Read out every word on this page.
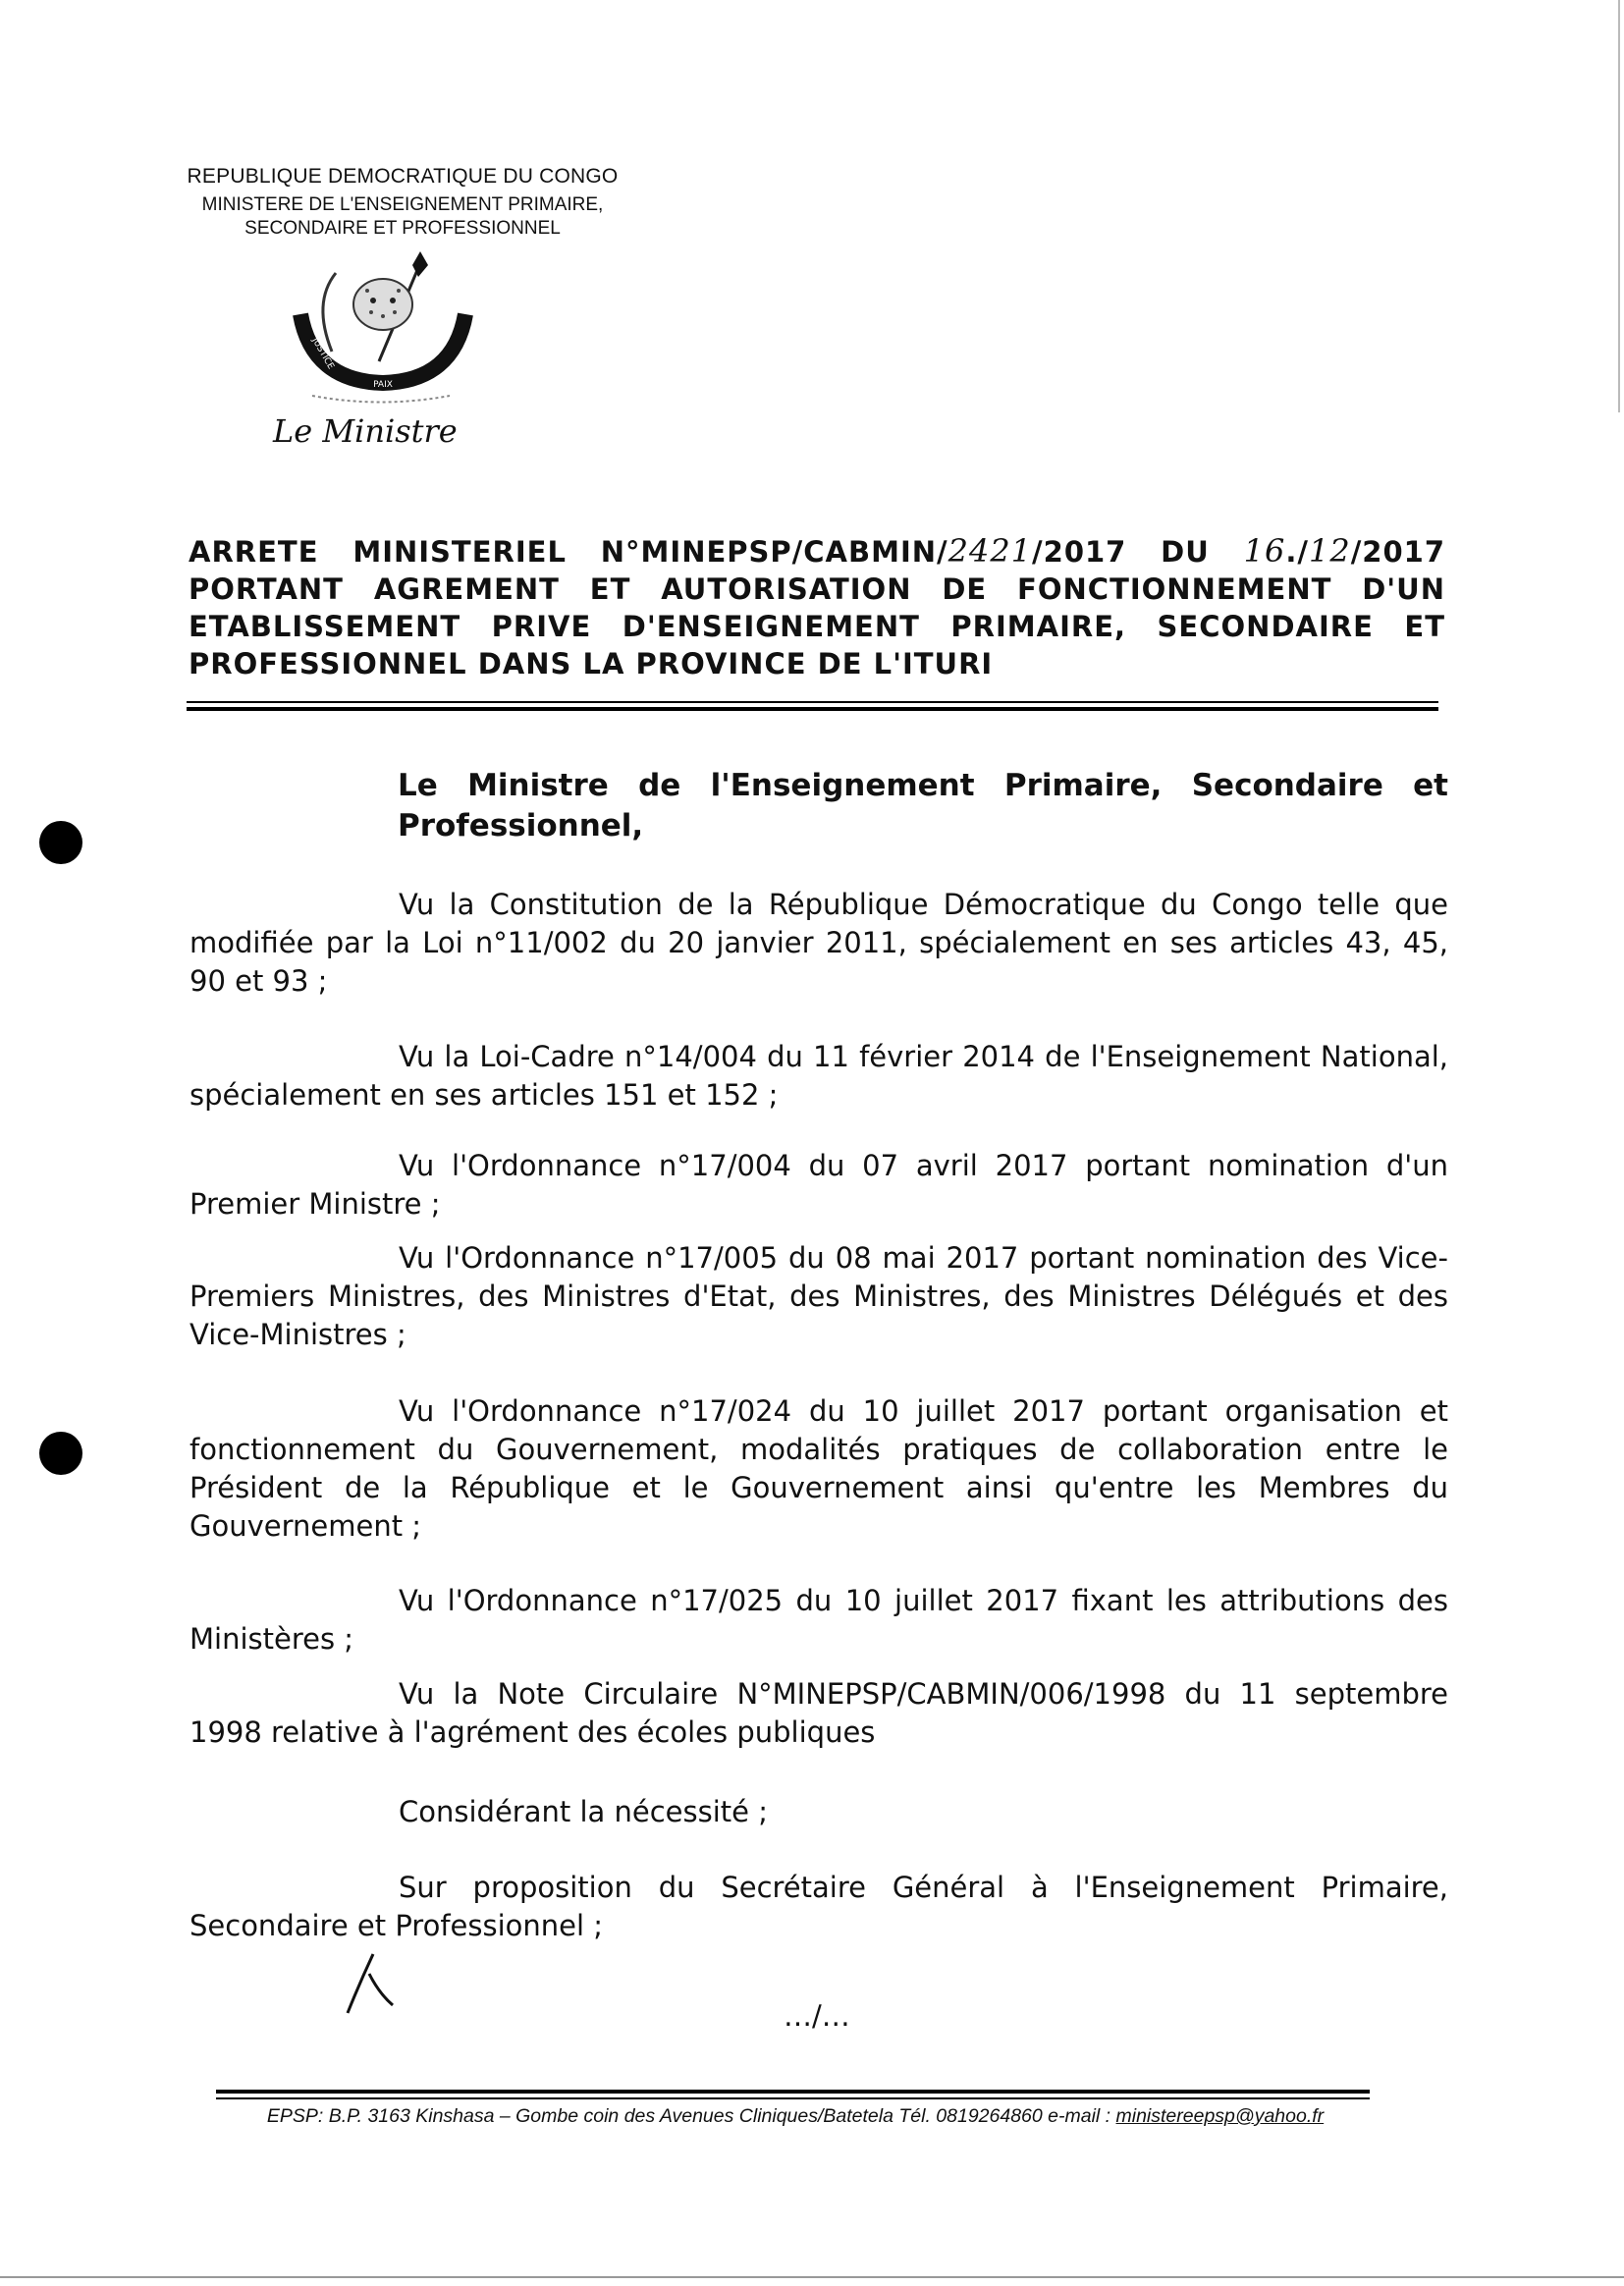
REPUBLIQUE DEMOCRATIQUE DU CONGO
MINISTERE DE L'ENSEIGNEMENT PRIMAIRE,
SECONDAIRE ET PROFESSIONNEL
JUSTICE
PAIX
TRAVAIL
Le Ministre
ARRETE MINISTERIEL N°MINEPSP/CABMIN/2421/2017 DU 16./12/2017
PORTANT AGREMENT ET AUTORISATION DE FONCTIONNEMENT D'UN
ETABLISSEMENT PRIVE D'ENSEIGNEMENT PRIMAIRE, SECONDAIRE ET
PROFESSIONNEL DANS LA PROVINCE DE L'ITURI
Le Ministre de l'Enseignement Primaire, Secondaire et
Professionnel,
Vu la Constitution de la République Démocratique du Congo telle que modifiée par la Loi n°11/002 du 20 janvier 2011, spécialement en ses articles 43, 45, 90 et 93 ;
Vu la Loi-Cadre n°14/004 du 11 février 2014 de l'Enseignement National, spécialement en ses articles 151 et 152 ;
Vu l'Ordonnance n°17/004 du 07 avril 2017 portant nomination d'un Premier Ministre ;
Vu l'Ordonnance n°17/005 du 08 mai 2017 portant nomination des Vice-Premiers Ministres, des Ministres d'Etat, des Ministres, des Ministres Délégués et des Vice-Ministres ;
Vu l'Ordonnance n°17/024 du 10 juillet 2017 portant organisation et fonctionnement du Gouvernement, modalités pratiques de collaboration entre le Président de la République et le Gouvernement ainsi qu'entre les Membres du Gouvernement ;
Vu l'Ordonnance n°17/025 du 10 juillet 2017 fixant les attributions des Ministères ;
Vu la Note Circulaire N°MINEPSP/CABMIN/006/1998 du 11 septembre 1998 relative à l'agrément des écoles publiques
Considérant la nécessité ;
Sur proposition du Secrétaire Général à l'Enseignement Primaire, Secondaire et Professionnel ;
…/…
EPSP: B.P. 3163 Kinshasa – Gombe coin des Avenues Cliniques/Batetela Tél. 0819264860 e-mail : ministereepsp@yahoo.fr
